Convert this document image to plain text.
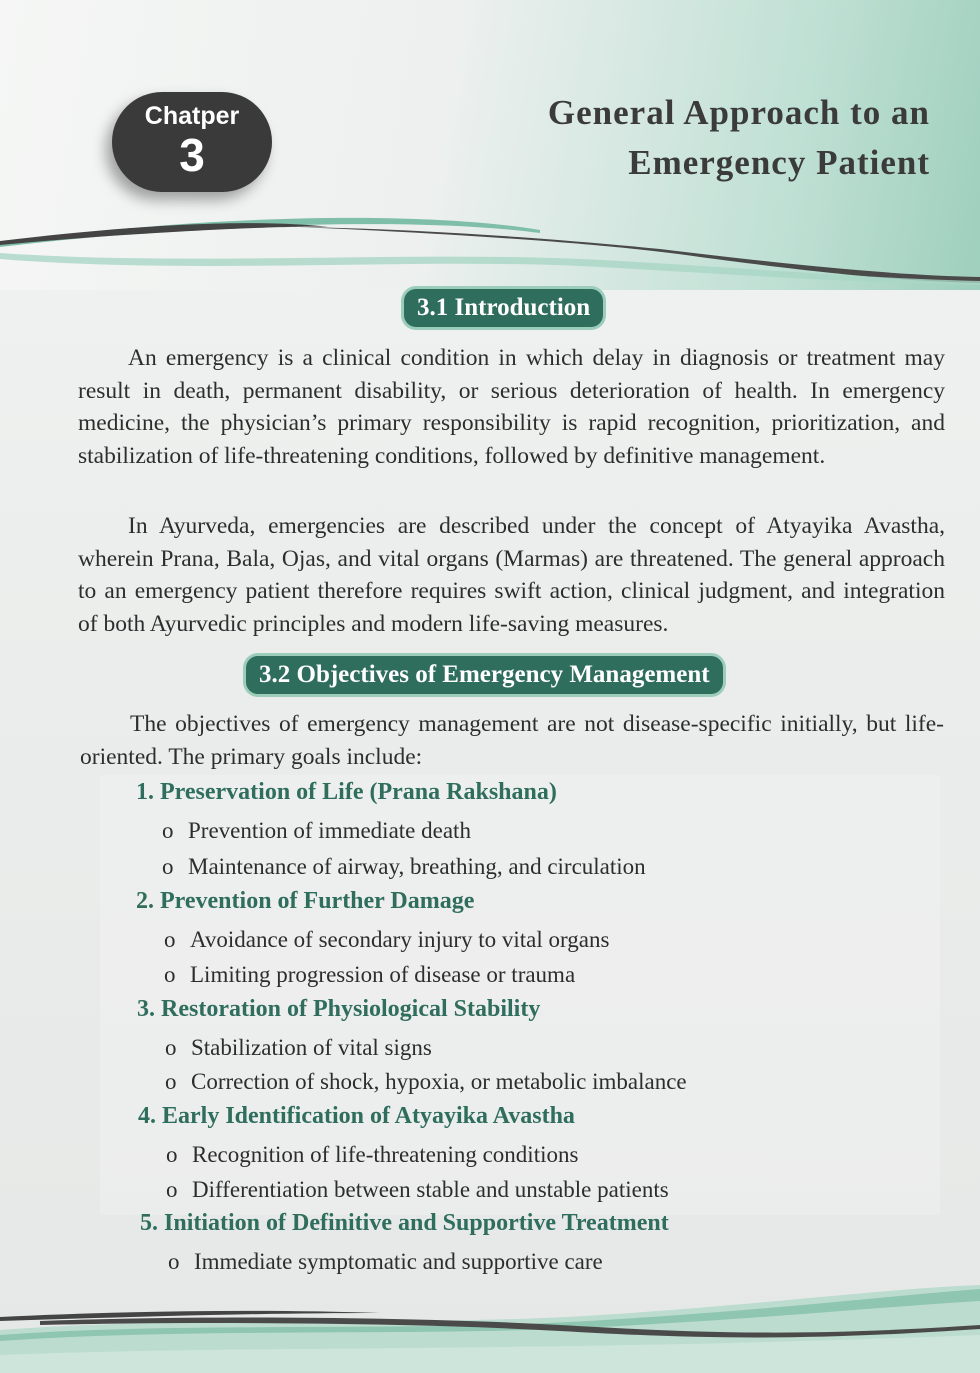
Chatper
3
General Approach to an
Emergency Patient
3.1 Introduction

An emergency is a clinical condition in which delay in diagnosis or treatment may result in death, permanent disability, or serious deterioration of health. In emergency medicine, the physician’s primary responsibility is rapid recognition, prioritization, and stabilization of life-threatening conditions, followed by definitive management.

In Ayurveda, emergencies are described under the concept of Atyayika Avastha, wherein Prana, Bala, Ojas, and vital organs (Marmas) are threatened. The general approach to an emergency patient therefore requires swift action, clinical judgment, and integration of both Ayurvedic principles and modern life-saving measures.

3.2 Objectives of Emergency Management

The objectives of emergency management are not disease-specific initially, but life-oriented. The primary goals include:

1. Preservation of Life (Prana Rakshana)
o Prevention of immediate death
o Maintenance of airway, breathing, and circulation
2. Prevention of Further Damage
o Avoidance of secondary injury to vital organs
o Limiting progression of disease or trauma
3. Restoration of Physiological Stability
o Stabilization of vital signs
o Correction of shock, hypoxia, or metabolic imbalance
4. Early Identification of Atyayika Avastha
o Recognition of life-threatening conditions
o Differentiation between stable and unstable patients
5. Initiation of Definitive and Supportive Treatment
o Immediate symptomatic and supportive care
